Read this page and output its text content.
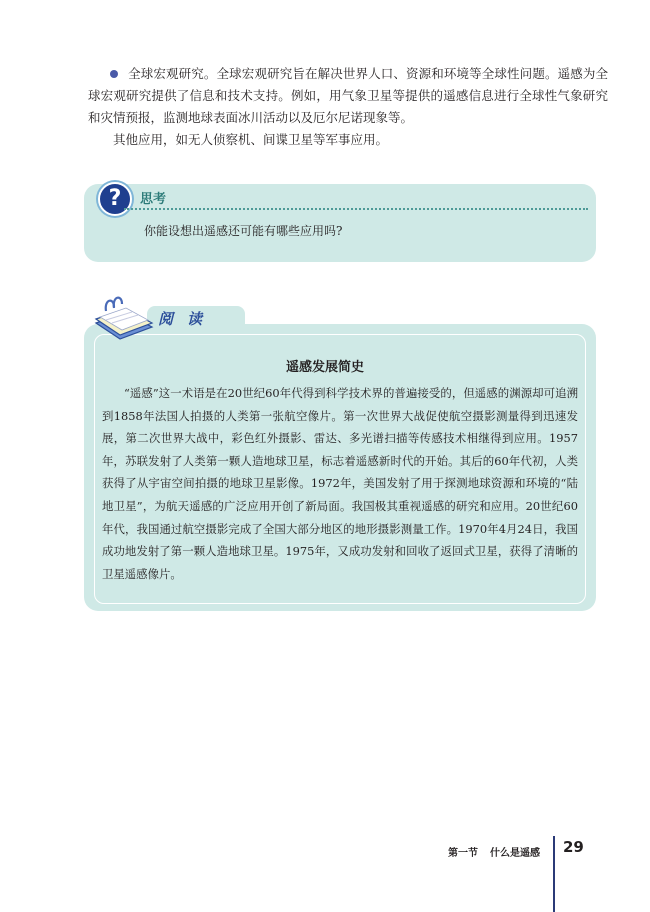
全球宏观研究。全球宏观研究旨在解决世界人口、资源和环境等全球性问题。遥感为全球宏观研究提供了信息和技术支持。例如，用气象卫星等提供的遥感信息进行全球性气象研究和灾情预报，监测地球表面冰川活动以及厄尔尼诺现象等。
其他应用，如无人侦察机、间谍卫星等军事应用。
?	思考
你能设想出遥感还可能有哪些应用吗?
阅读
遥感发展简史
“遥感”这一术语是在20世纪60年代得到科学技术界的普遍接受的，但遥感的渊源却可追溯到1858年法国人拍摄的人类第一张航空像片。第一次世界大战促使航空摄影测量得到迅速发展，第二次世界大战中，彩色红外摄影、雷达、多光谱扫描等传感技术相继得到应用。1957年，苏联发射了人类第一颗人造地球卫星，标志着遥感新时代的开始。其后的60年代初，人类获得了从宇宙空间拍摄的地球卫星影像。1972年，美国发射了用于探测地球资源和环境的“陆地卫星”，为航天遥感的广泛应用开创了新局面。我国极其重视遥感的研究和应用。20世纪60年代，我国通过航空摄影完成了全国大部分地区的地形摄影测量工作。1970年4月24日，我国成功地发射了第一颗人造地球卫星。1975年，又成功发射和回收了返回式卫星，获得了清晰的卫星遥感像片。
第一节 什么是遥感 29
